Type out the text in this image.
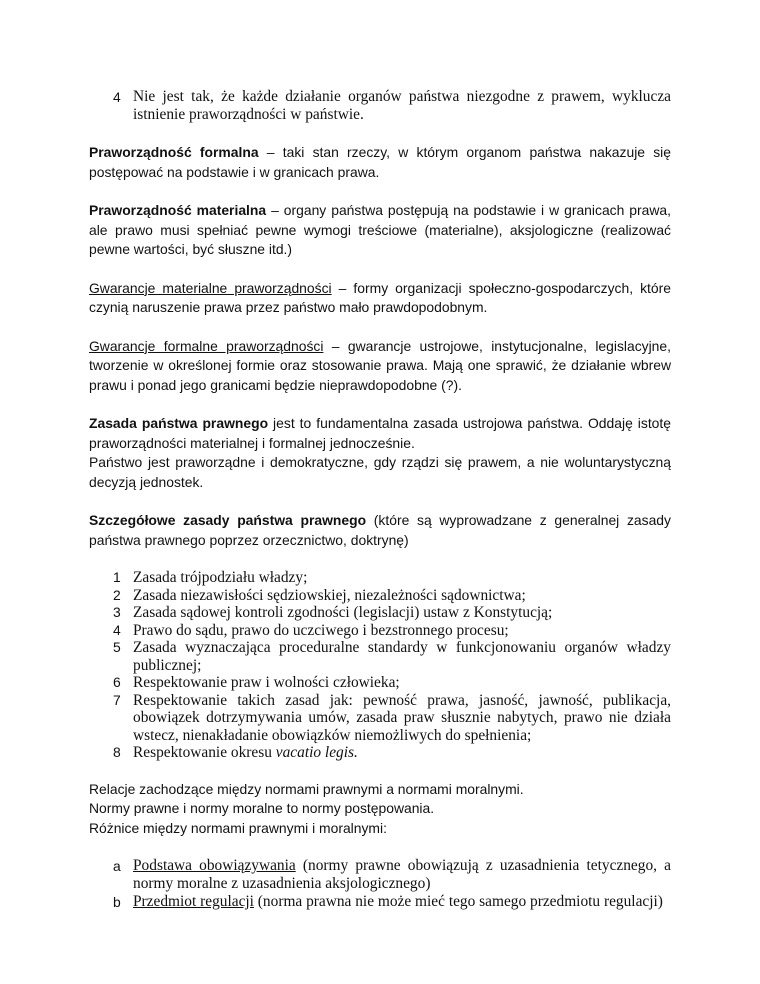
4 Nie jest tak, że każde działanie organów państwa niezgodne z prawem, wyklucza istnienie praworządności w państwie.

Praworządność formalna – taki stan rzeczy, w którym organom państwa nakazuje się postępować na podstawie i w granicach prawa.

Praworządność materialna – organy państwa postępują na podstawie i w granicach prawa, ale prawo musi spełniać pewne wymogi treściowe (materialne), aksjologiczne (realizować pewne wartości, być słuszne itd.)

Gwarancje materialne praworządności – formy organizacji społeczno-gospodarczych, które czynią naruszenie prawa przez państwo mało prawdopodobnym.

Gwarancje formalne praworządności – gwarancje ustrojowe, instytucjonalne, legislacyjne, tworzenie w określonej formie oraz stosowanie prawa. Mają one sprawić, że działanie wbrew prawu i ponad jego granicami będzie nieprawdopodobne (?).

Zasada państwa prawnego jest to fundamentalna zasada ustrojowa państwa. Oddaję istotę praworządności materialnej i formalnej jednocześnie.

Państwo jest praworządne i demokratyczne, gdy rządzi się prawem, a nie woluntarystyczną decyzją jednostek.

Szczegółowe zasady państwa prawnego (które są wyprowadzane z generalnej zasady państwa prawnego poprzez orzecznictwo, doktrynę)

1 Zasada trójpodziału władzy;
2 Zasada niezawisłości sędziowskiej, niezależności sądownictwa;
3 Zasada sądowej kontroli zgodności (legislacji) ustaw z Konstytucją;
4 Prawo do sądu, prawo do uczciwego i bezstronnego procesu;
5 Zasada wyznaczająca proceduralne standardy w funkcjonowaniu organów władzy publicznej;
6 Respektowanie praw i wolności człowieka;
7 Respektowanie takich zasad jak: pewność prawa, jasność, jawność, publikacja, obowiązek dotrzymywania umów, zasada praw słusznie nabytych, prawo nie działa wstecz, nienakładanie obowiązków niemożliwych do spełnienia;
8 Respektowanie okresu vacatio legis.

Relacje zachodzące między normami prawnymi a normami moralnymi.

Normy prawne i normy moralne to normy postępowania.

Różnice między normami prawnymi i moralnymi:

a Podstawa obowiązywania (normy prawne obowiązują z uzasadnienia tetycznego, a normy moralne z uzasadnienia aksjologicznego)
b Przedmiot regulacji (norma prawna nie może mieć tego samego przedmiotu regulacji)
